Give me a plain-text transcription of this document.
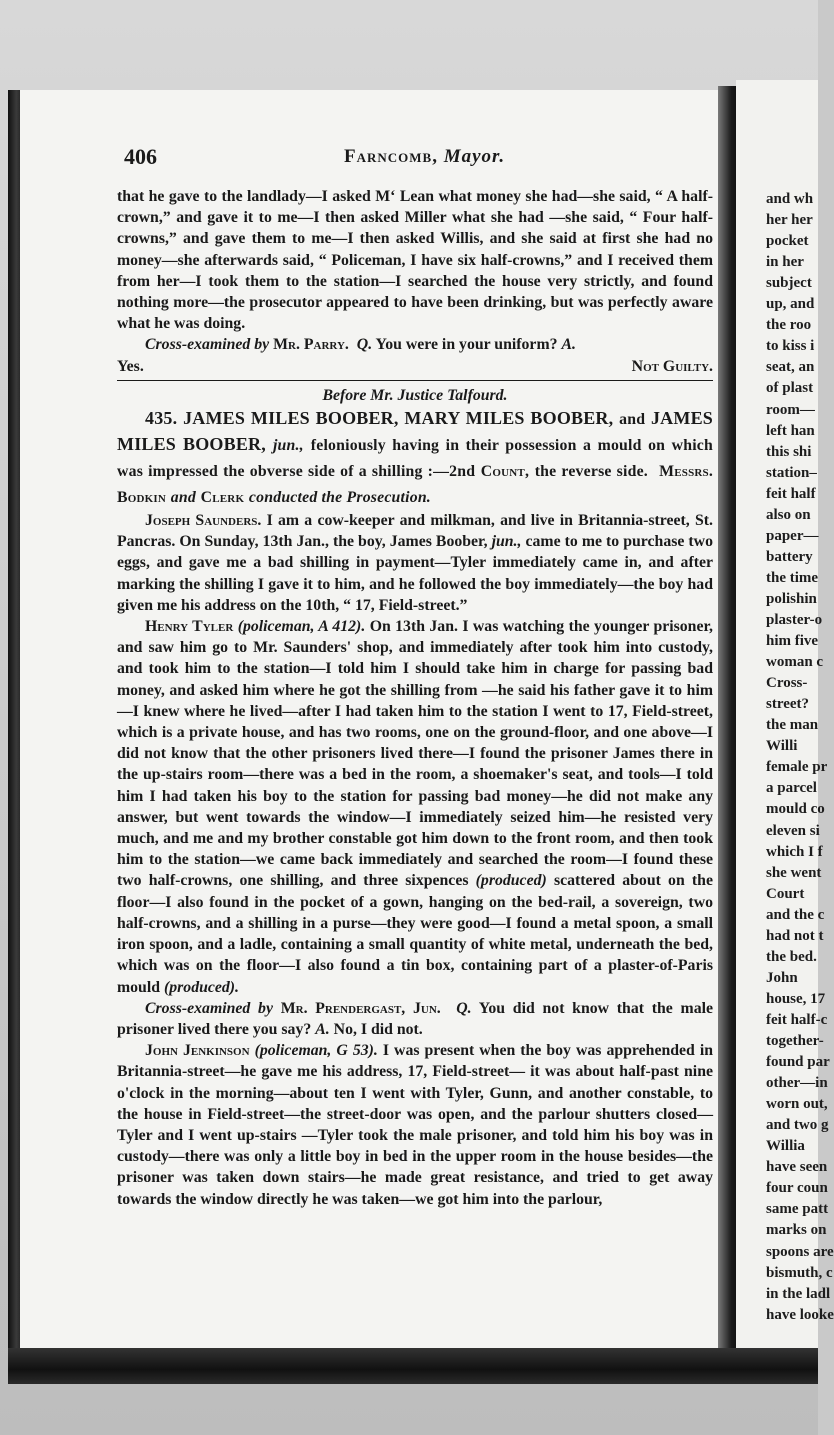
and wh
her her
pocket
in her
subject
up, and
the roo
to kiss i
seat, an
of plast
room—
left han
this shi
station–
feit half
also on
paper—
battery
the time
polishin
plaster-o
him five
woman c
Cross-
street?
the man
Willi
female pr
a parcel
mould co
eleven si
which I f
she went
Court
and the c
had not t
the bed.
John
house, 17
feit half-c
together-
found par
other—in
worn out,
and two g
Willia
have seen
four coun
same patt
marks on
spoons are
bismuth, c
in the ladl
have looke
406	Farncomb, Mayor.

that he gave to the landlady—I asked M‘ Lean what money she had—she said, “ A half-crown,” and gave it to me—I then asked Miller what she had —she said, “ Four half-crowns,” and gave them to me—I then asked Willis, and she said at first she had no money—she afterwards said, “ Policeman, I have six half-crowns,” and I received them from her—I took them to the station—I searched the house very strictly, and found nothing more—the prosecutor appeared to have been drinking, but was perfectly aware what he was doing.

Cross-examined by Mr. Parry. Q. You were in your uniform? A.
Yes.	Not Guilty.

Before Mr. Justice Talfourd.

435. JAMES MILES BOOBER, MARY MILES BOOBER, and JAMES MILES BOOBER, jun., feloniously having in their possession a mould on which was impressed the obverse side of a shilling :—2nd Count, the reverse side. Messrs. Bodkin and Clerk conducted the Prosecution.

Joseph Saunders. I am a cow-keeper and milkman, and live in Britannia-street, St. Pancras. On Sunday, 13th Jan., the boy, James Boober, jun., came to me to purchase two eggs, and gave me a bad shilling in payment—Tyler immediately came in, and after marking the shilling I gave it to him, and he followed the boy immediately—the boy had given me his address on the 10th, “ 17, Field-street.”

Henry Tyler (policeman, A 412). On 13th Jan. I was watching the younger prisoner, and saw him go to Mr. Saunders' shop, and immediately after took him into custody, and took him to the station—I told him I should take him in charge for passing bad money, and asked him where he got the shilling from —he said his father gave it to him—I knew where he lived—after I had taken him to the station I went to 17, Field-street, which is a private house, and has two rooms, one on the ground-floor, and one above—I did not know that the other prisoners lived there—I found the prisoner James there in the up-stairs room—there was a bed in the room, a shoemaker's seat, and tools—I told him I had taken his boy to the station for passing bad money—he did not make any answer, but went towards the window—I immediately seized him—he resisted very much, and me and my brother constable got him down to the front room, and then took him to the station—we came back immediately and searched the room—I found these two half-crowns, one shilling, and three sixpences (produced) scattered about on the floor—I also found in the pocket of a gown, hanging on the bed-rail, a sovereign, two half-crowns, and a shilling in a purse—they were good—I found a metal spoon, a small iron spoon, and a ladle, containing a small quantity of white metal, underneath the bed, which was on the floor—I also found a tin box, containing part of a plaster-of-Paris mould (produced).

Cross-examined by Mr. Prendergast, Jun. Q. You did not know that the male prisoner lived there you say? A. No, I did not.

John Jenkinson (policeman, G 53). I was present when the boy was apprehended in Britannia-street—he gave me his address, 17, Field-street— it was about half-past nine o'clock in the morning—about ten I went with Tyler, Gunn, and another constable, to the house in Field-street—the street-door was open, and the parlour shutters closed—Tyler and I went up-stairs —Tyler took the male prisoner, and told him his boy was in custody—there was only a little boy in bed in the upper room in the house besides—the prisoner was taken down stairs—he made great resistance, and tried to get away towards the window directly he was taken—we got him into the parlour,
